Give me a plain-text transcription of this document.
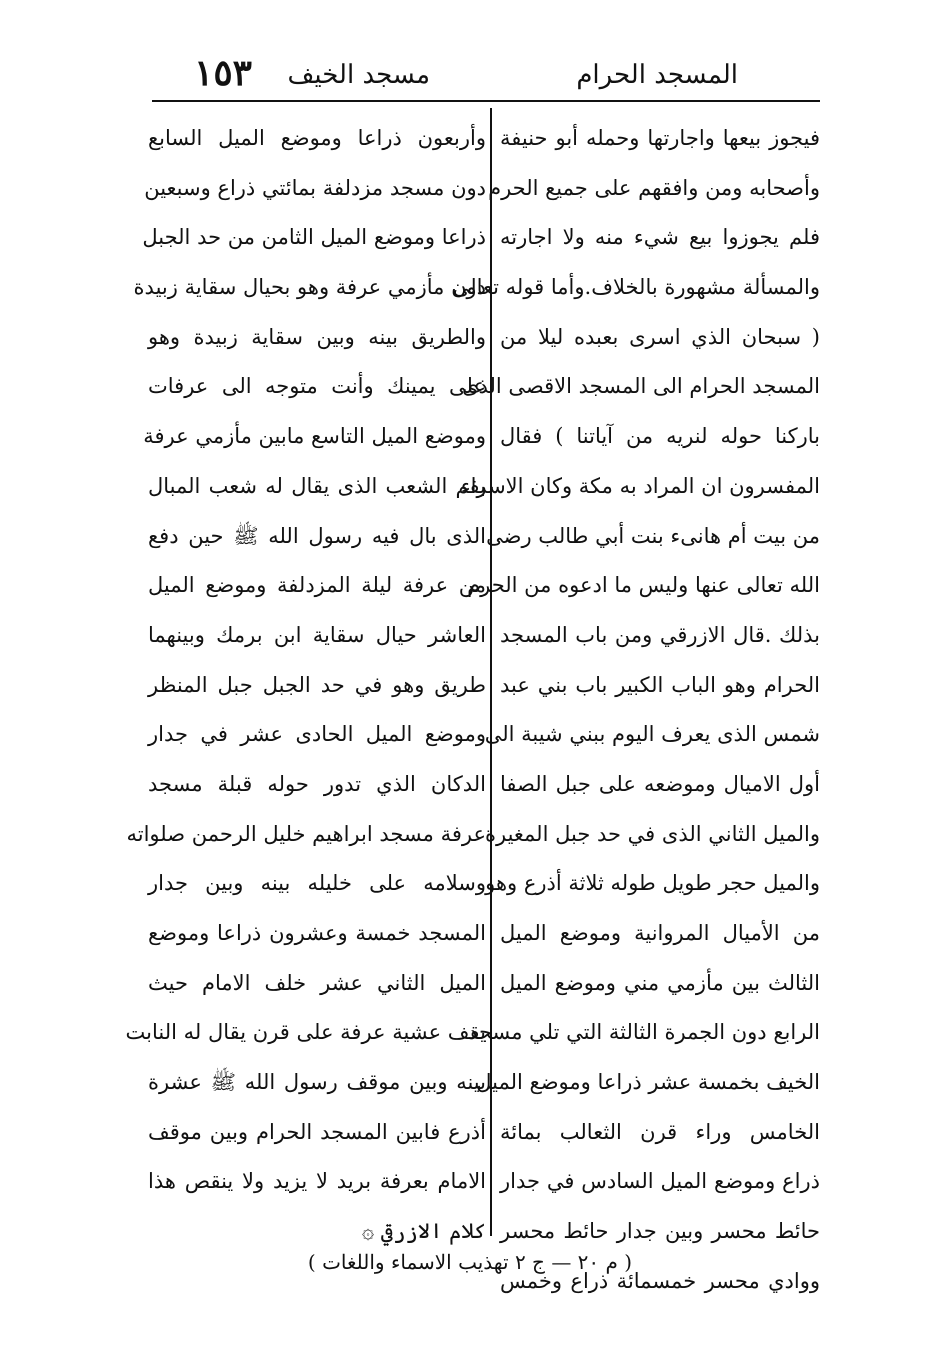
المسجد الحرام
مسجد الخيف
١٥٣
فيجوز بيعها واجارتها وحمله أبو حنيفة
وأصحابه ومن وافقهم على جميع الحرم
فلم يجوزوا بيع شيء منه ولا اجارته
والمسألة مشهورة بالخلاف.وأما قوله تعالى
( سبحان الذي اسرى بعبده ليلا من
المسجد الحرام الى المسجد الاقصى الذى
باركنا حوله لنريه من آياتنا ) فقال
المفسرون ان المراد به مكة وكان الاسراء
من بيت أم هانىء بنت أبي طالب رضى
الله تعالى عنها وليس ما ادعوه من الحرم
بذلك .قال الازرقي ومن باب المسجد
الحرام وهو الباب الكبير باب بني عبد
شمس الذى يعرف اليوم ببني شيبة الى
أول الاميال وموضعه على جبل الصفا
والميل الثاني الذى في حد جبل المغيرة
والميل حجر طويل طوله ثلاثة أذرع وهو
من الأميال المروانية وموضع الميل
الثالث بين مأزمي مني وموضع الميل
الرابع دون الجمرة الثالثة التي تلي مسجد
الخيف بخمسة عشر ذراعا وموضع الميل
الخامس وراء قرن الثعالب بمائة
ذراع وموضع الميل السادس في جدار
حائط محسر وبين جدار حائط محسر
ووادي محسر خمسمائة ذراع وخمس
وأربعون ذراعا وموضع الميل السابع
دون مسجد مزدلفة بمائتي ذراع وسبعين
ذراعا وموضع الميل الثامن من حد الجبل
دون مأزمي عرفة وهو بحيال سقاية زبيدة
والطريق بينه وبين سقاية زبيدة وهو
على يمينك وأنت متوجه الى عرفات
وموضع الميل التاسع مابين مأزمي عرفة
بفم الشعب الذى يقال له شعب المبال
الذى بال فيه رسول الله ﷺ حين دفع
من عرفة ليلة المزدلفة وموضع الميل
العاشر حيال سقاية ابن برمك وبينهما
طريق وهو في حد الجبل جبل المنظر
وموضع الميل الحادى عشر في جدار
الدكان الذي تدور حوله قبلة مسجد
عرفة مسجد ابراهيم خليل الرحمن صلواته
وسلامه على خليله بينه وبين جدار
المسجد خمسة وعشرون ذراعا وموضع
الميل الثاني عشر خلف الامام حيث
يقف عشية عرفة على قرن يقال له النابت
بينه وبين موقف رسول الله ﷺ عشرة
أذرع فابين المسجد الحرام وبين موقف
الامام بعرفة بريد لا يزيد ولا ينقص هذا
كلام الازرقي ۞
( م ٢٠ — ج ٢ تهذيب الاسماء واللغات )
